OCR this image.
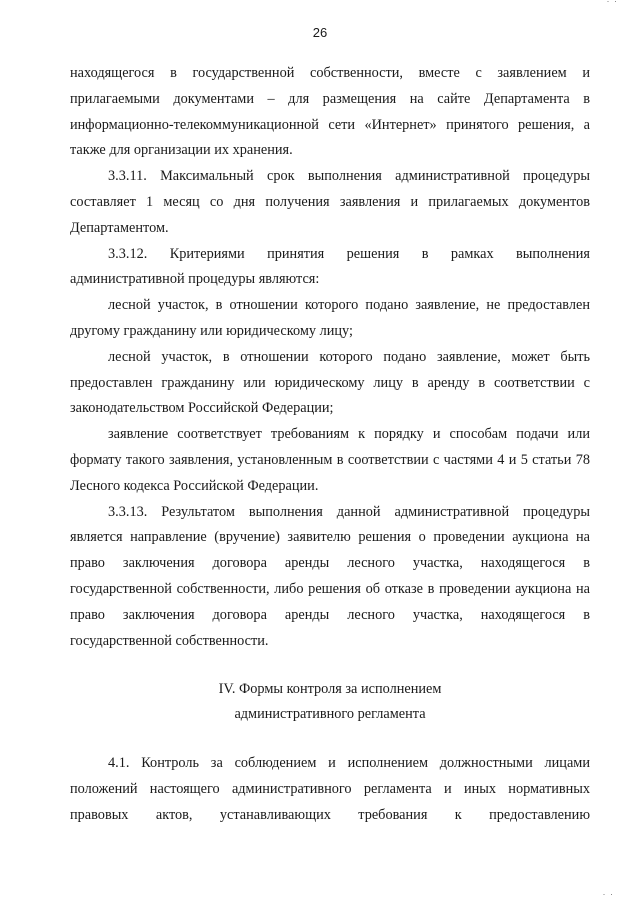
· ·
26

находящегося в государственной собственности, вместе с заявлением и прилагаемыми документами – для размещения на сайте Департамента в информационно-телекоммуникационной сети «Интернет» принятого решения, а также для организации их хранения.

3.3.11. Максимальный срок выполнения административной процедуры составляет 1 месяц со дня получения заявления и прилагаемых документов Департаментом.

3.3.12. Критериями принятия решения в рамках выполнения административной процедуры являются:

лесной участок, в отношении которого подано заявление, не предоставлен другому гражданину или юридическому лицу;

лесной участок, в отношении которого подано заявление, может быть предоставлен гражданину или юридическому лицу в аренду в соответствии с законодательством Российской Федерации;

заявление соответствует требованиям к порядку и способам подачи или формату такого заявления, установленным в соответствии с частями 4 и 5 статьи 78 Лесного кодекса Российской Федерации.

3.3.13. Результатом выполнения данной административной процедуры является направление (вручение) заявителю решения о проведении аукциона на право заключения договора аренды лесного участка, находящегося в государственной собственности, либо решения об отказе в проведении аукциона на право заключения договора аренды лесного участка, находящегося в государственной собственности.

IV. Формы контроля за исполнением
административного регламента

4.1. Контроль за соблюдением и исполнением должностными лицами положений настоящего административного регламента и иных нормативных правовых актов, устанавливающих требования к предоставлению

· ·
